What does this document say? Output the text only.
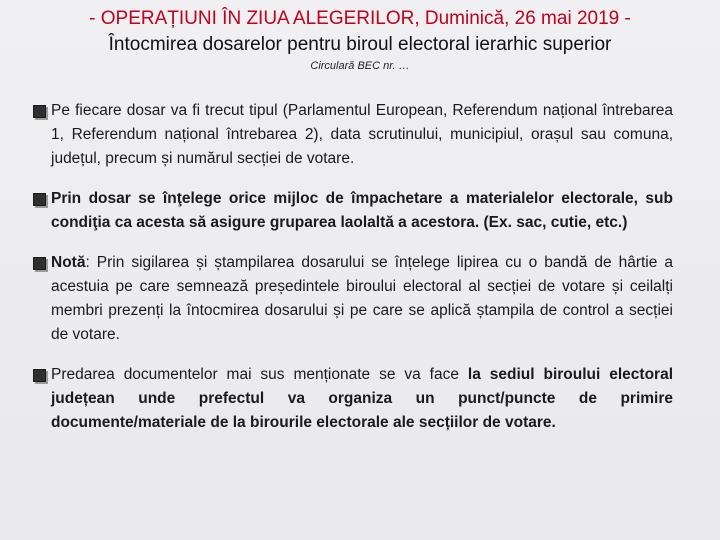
- OPERAȚIUNI ÎN ZIUA ALEGERILOR, Duminică, 26 mai 2019 -
Întocmirea dosarelor pentru biroul electoral ierarhic superior
Circulară BEC nr. …
Pe fiecare dosar va fi trecut tipul (Parlamentul European, Referendum național întrebarea 1, Referendum național întrebarea 2), data scrutinului, municipiul, orașul sau comuna, județul, precum și numărul secției de votare.
Prin dosar se înţelege orice mijloc de împachetare a materialelor electorale, sub condiţia ca acesta să asigure gruparea laolaltă a acestora. (Ex. sac, cutie, etc.)
Notă: Prin sigilarea și ștampilarea dosarului se înțelege lipirea cu o bandă de hârtie a acestuia pe care semnează președintele biroului electoral al secției de votare și ceilalți membri prezenți la întocmirea dosarului și pe care se aplică ștampila de control a secției de votare.
Predarea documentelor mai sus menționate se va face la sediul biroului electoral județean unde prefectul va organiza un punct/puncte de primire documente/materiale de la birourile electorale ale secțiilor de votare.
